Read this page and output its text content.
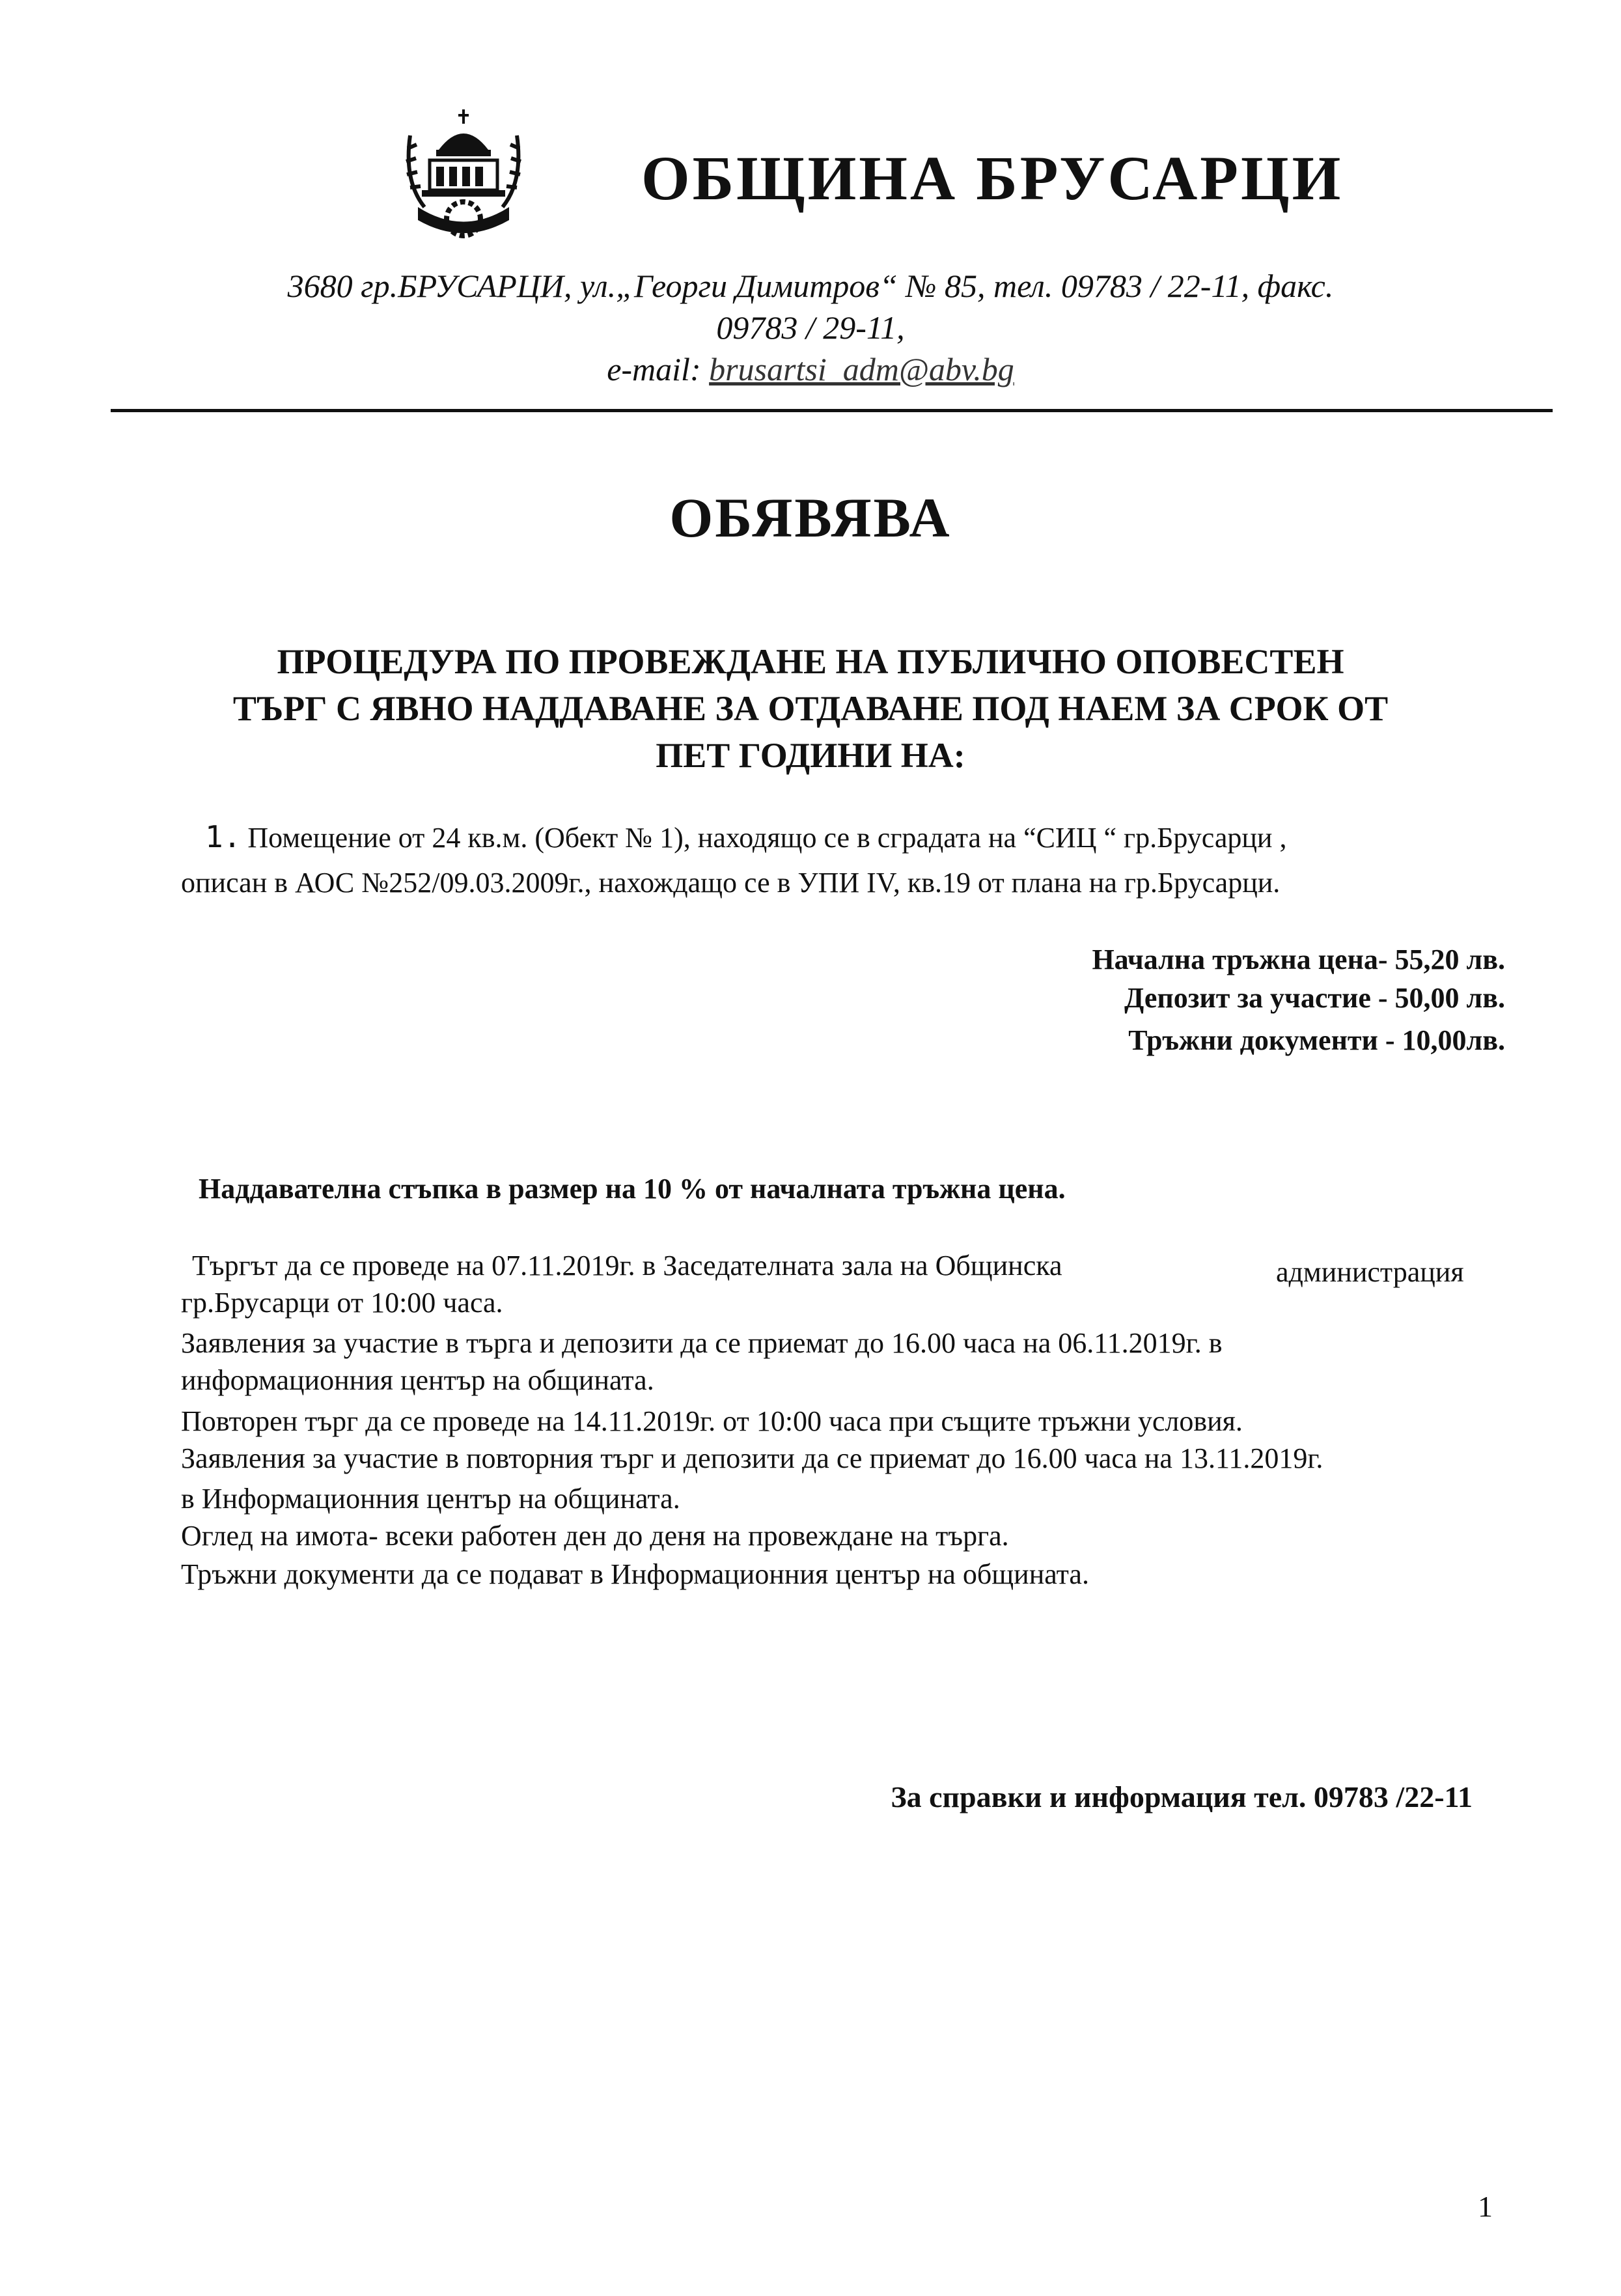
ОБЩИНА БРУСАРЦИ
3680 гр.БРУСАРЦИ, ул.„Георги Димитров“ № 85, тел. 09783 / 22-11, факс.
09783 / 29-11,
e-mail: brusartsi_adm@abv.bg
ОБЯВЯВА
ПРОЦЕДУРА ПО ПРОВЕЖДАНЕ НА ПУБЛИЧНО ОПОВЕСТЕН
ТЪРГ С ЯВНО НАДДАВАНЕ ЗА ОТДАВАНЕ ПОД НАЕМ ЗА СРОК ОТ
ПЕТ ГОДИНИ НА:
1. Помещение от 24 кв.м. (Обект № 1), находящо се в сградата на “СИЦ “ гр.Брусарци ,
описан в АОС №252/09.03.2009г., нахождащо се в УПИ IV, кв.19 от плана на гр.Брусарци.
Начална тръжна цена- 55,20 лв.
Депозит за участие - 50,00 лв.
Тръжни документи - 10,00лв.
Наддавателна стъпка в размер на 10 % от началната тръжна цена.
Търгът да се проведе на 07.11.2019г. в Заседателната зала на Общинска	администрация
гр.Брусарци от 10:00 часа.
Заявления за участие в търга и депозити да се приемат до 16.00 часа на 06.11.2019г. в
информационния център на общината.
Повторен търг да се проведе на 14.11.2019г. от 10:00 часа при същите тръжни условия.
Заявления за участие в повторния търг и депозити да се приемат до 16.00 часа на 13.11.2019г.
в Информационния център на общината.
Оглед на имота- всеки работен ден до деня на провеждане на търга.
Тръжни документи да се подават в Информационния център на общината.
За справки и информация тел. 09783 /22-11
1
